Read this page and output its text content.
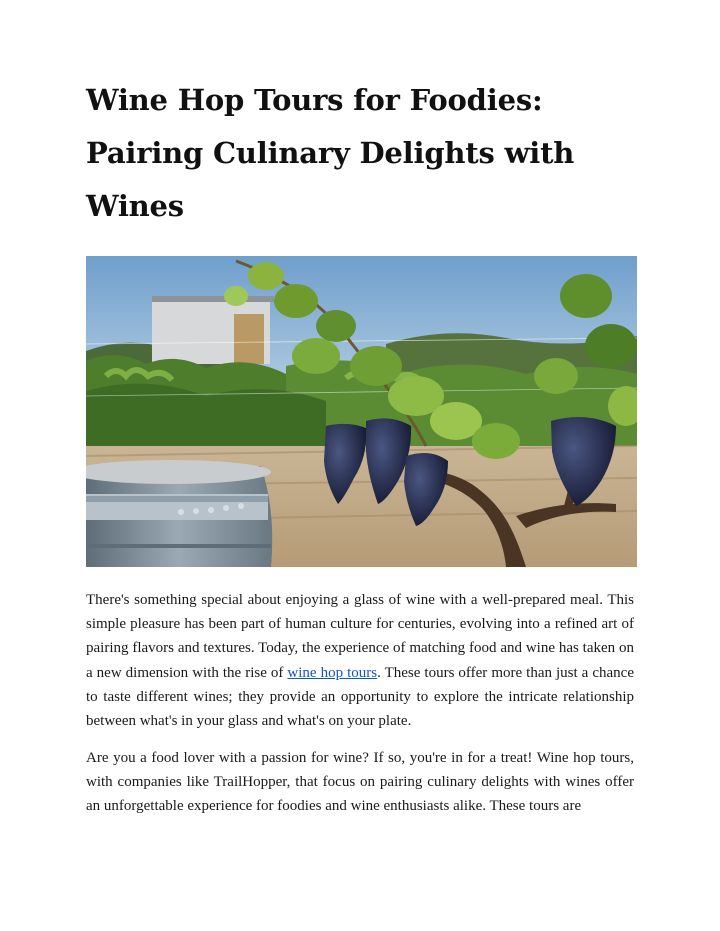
Wine Hop Tours for Foodies:
Pairing Culinary Delights with
Wines

There's something special about enjoying a glass of wine with a well-prepared meal. This simple pleasure has been part of human culture for centuries, evolving into a refined art of pairing flavors and textures. Today, the experience of matching food and wine has taken on a new dimension with the rise of wine hop tours. These tours offer more than just a chance to taste different wines; they provide an opportunity to explore the intricate relationship between what's in your glass and what's on your plate.

Are you a food lover with a passion for wine? If so, you're in for a treat! Wine hop tours, with companies like TrailHopper, that focus on pairing culinary delights with wines offer an unforgettable experience for foodies and wine enthusiasts alike. These tours are
